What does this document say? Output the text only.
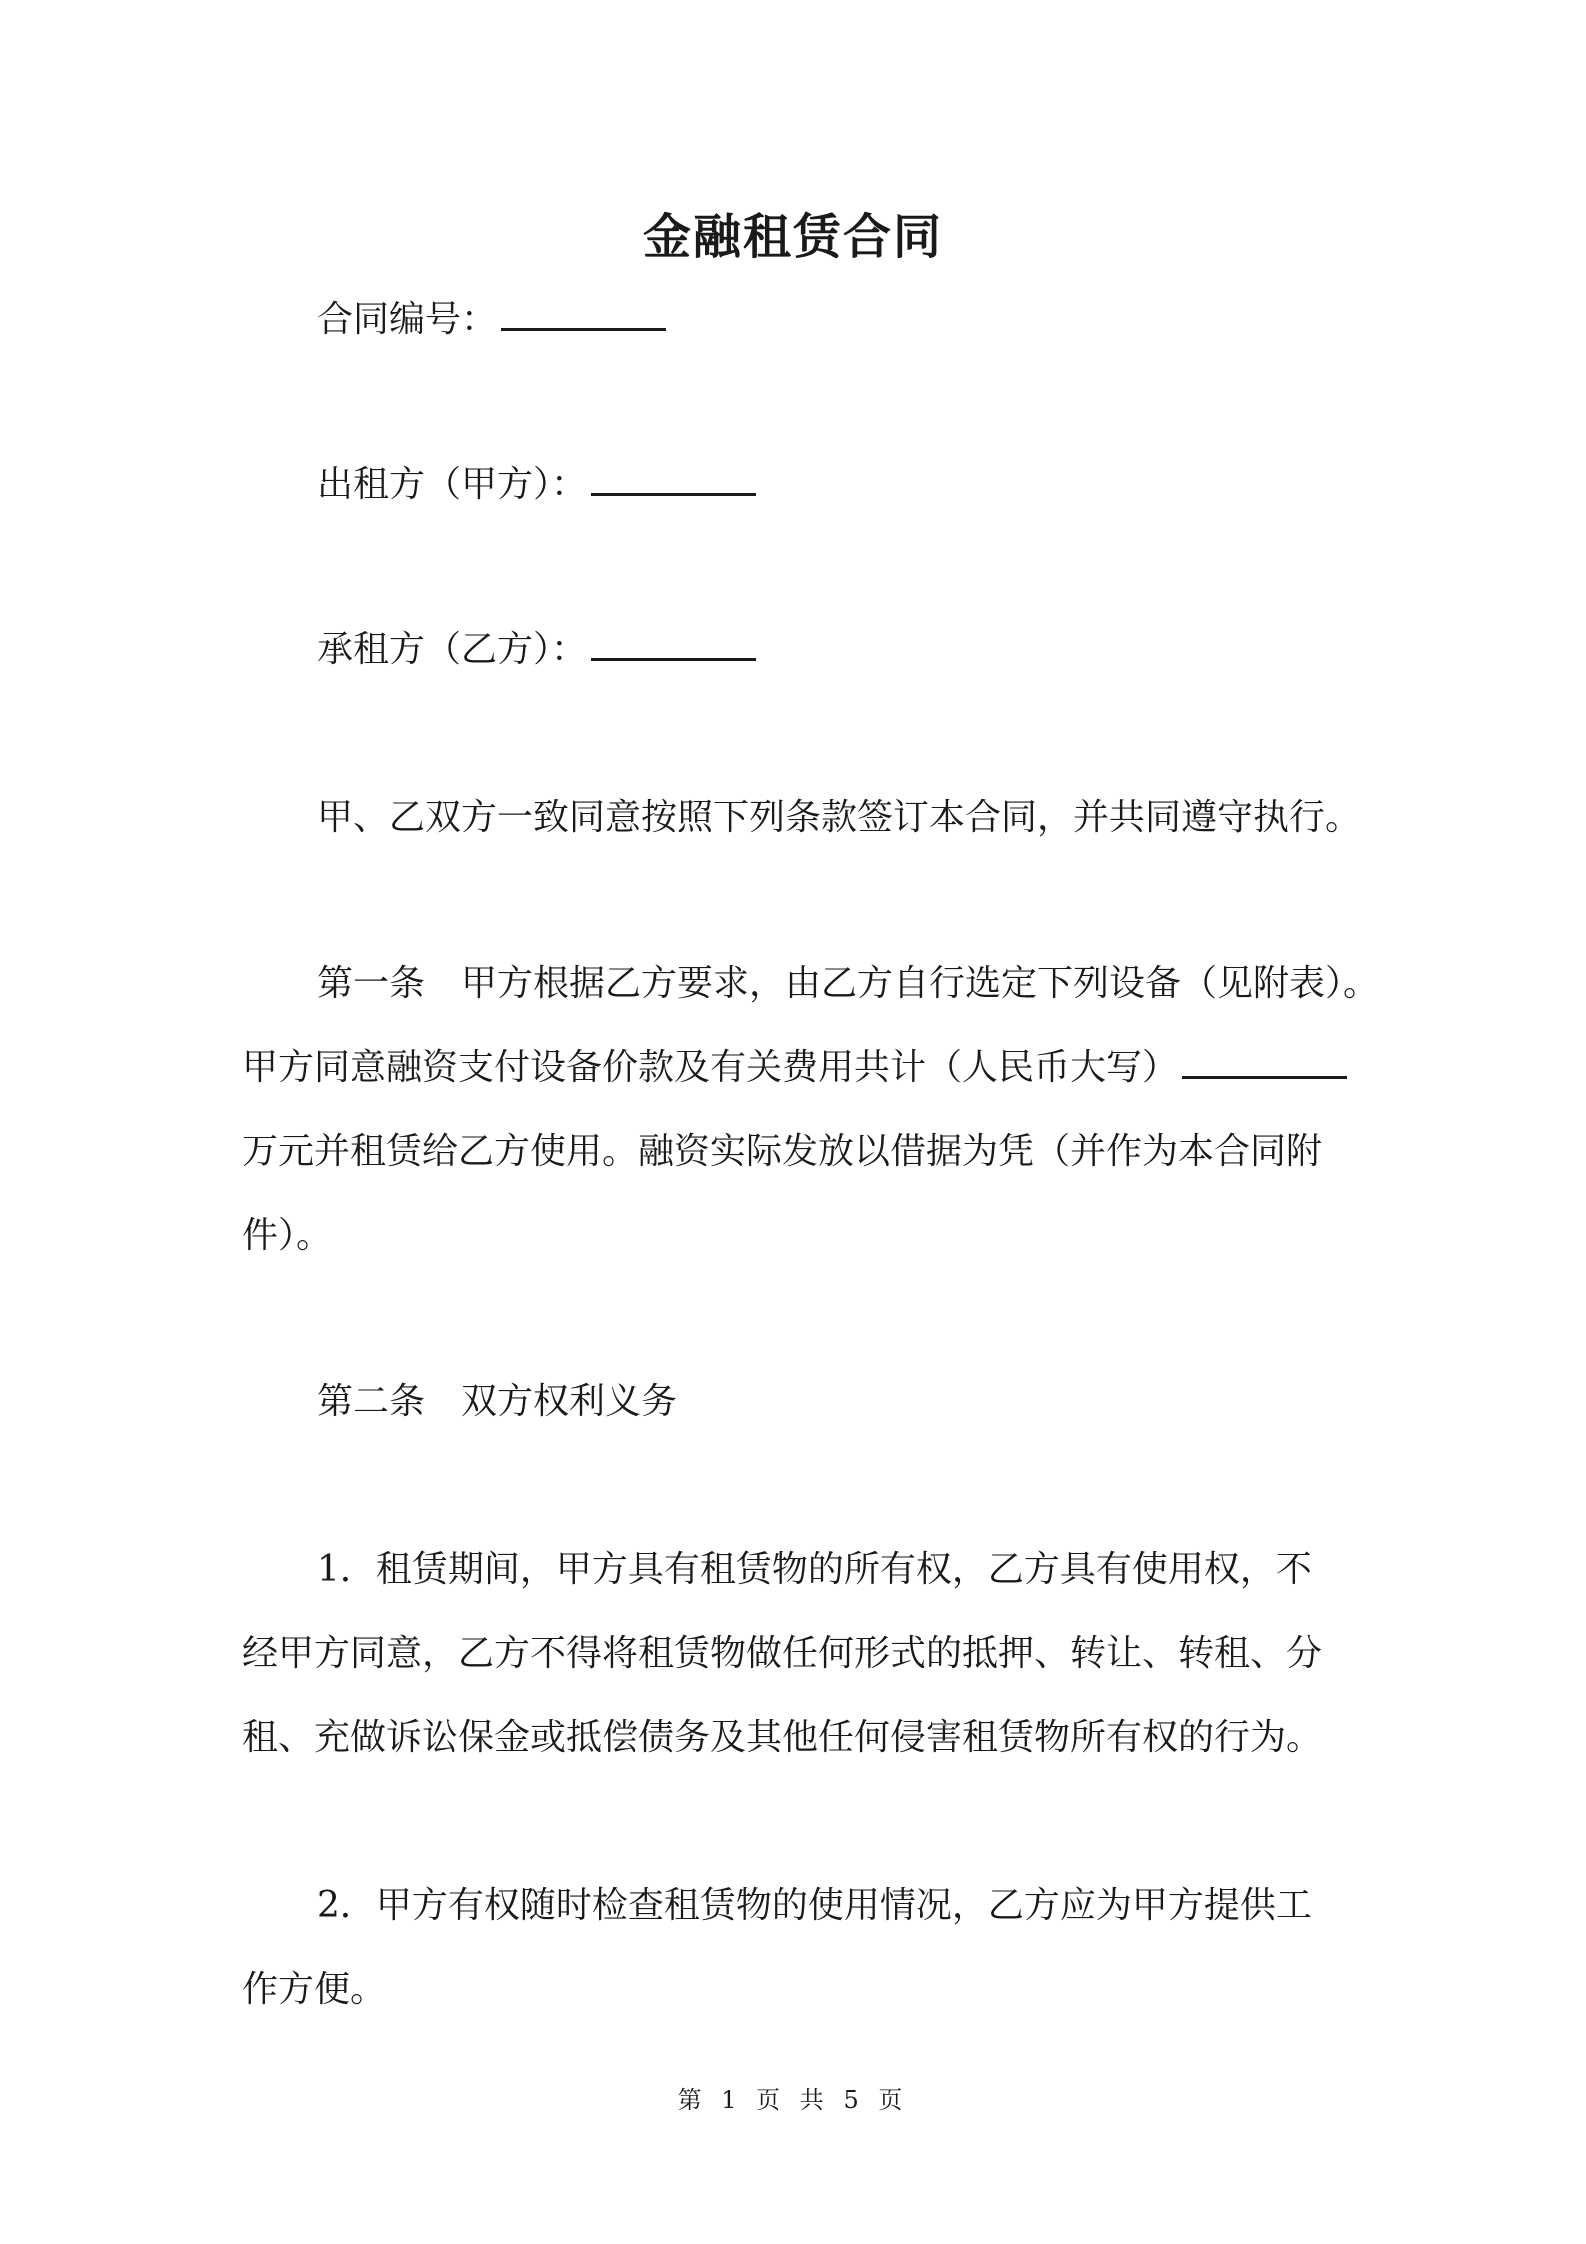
金融租赁合同
合同编号：
出租方（甲方）：
承租方（乙方）：
甲、乙双方一致同意按照下列条款签订本合同，并共同遵守执行。
第一条　甲方根据乙方要求，由乙方自行选定下列设备（见附表）。
甲方同意融资支付设备价款及有关费用共计（人民币大写）
万元并租赁给乙方使用。融资实际发放以借据为凭（并作为本合同附
件）。
第二条　双方权利义务
1．租赁期间，甲方具有租赁物的所有权，乙方具有使用权，不
经甲方同意，乙方不得将租赁物做任何形式的抵押、转让、转租、分
租、充做诉讼保金或抵偿债务及其他任何侵害租赁物所有权的行为。
2．甲方有权随时检查租赁物的使用情况，乙方应为甲方提供工
作方便。
第 1 页 共 5 页
